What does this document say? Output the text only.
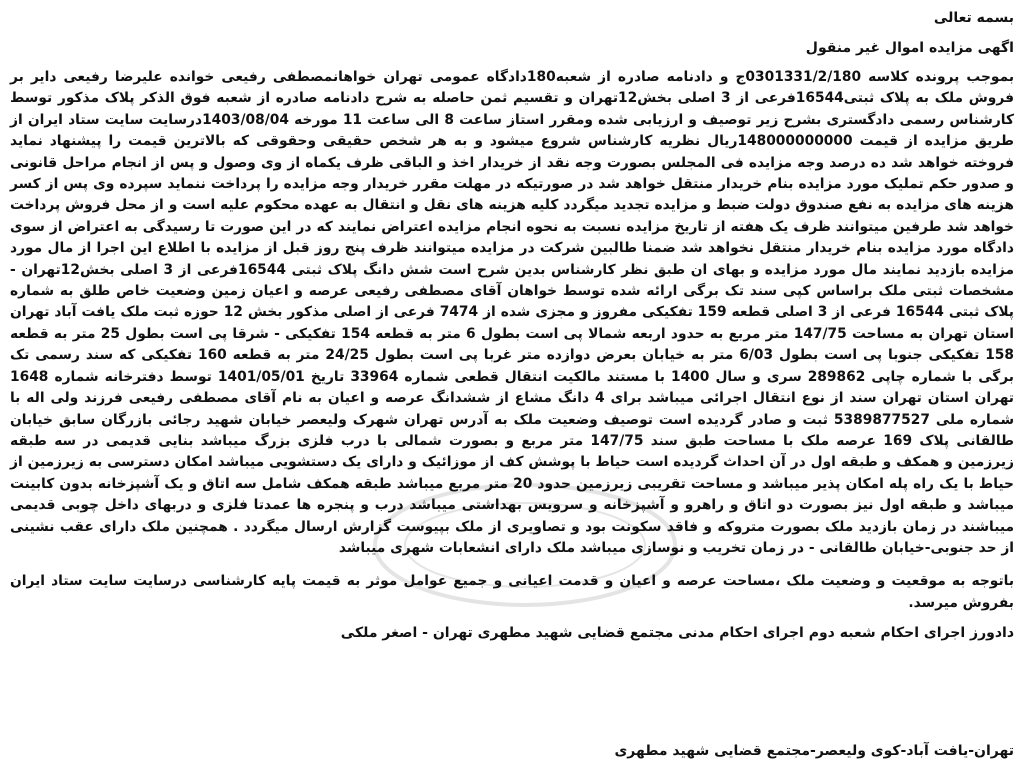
بسمه تعالی

اگهی مزایده اموال غیر منقول

بموجب پرونده کلاسه 0301331/2/180ج و دادنامه صادره از شعبه180دادگاه عمومی تهران خواهانمصطفی رفیعی خوانده علیرضا رفیعی دایر بر فروش ملک به پلاک ثبتی16544فرعی از 3 اصلی بخش12تهران و تقسیم ثمن حاصله به شرح دادنامه صادره از شعبه فوق الذکر پلاک مذکور توسط کارشناس رسمی دادگستری بشرح زیر توصیف و ارزیابی شده ومقرر استاز ساعت 8 الی ساعت 11 مورخه 1403/08/04درسایت سایت ستاد ایران از طریق مزایده از قیمت 148000000000ریال نظریه کارشناس شروع میشود و به هر شخص حقیقی وحقوقی که بالاترین قیمت را پیشنهاد نماید فروخته خواهد شد ده درصد وجه مزایده فی المجلس بصورت وجه نقد از خریدار اخذ و الباقی ظرف یکماه از وی وصول و پس از انجام مراحل قانونی و صدور حکم تملیک مورد مزایده بنام خریدار منتقل خواهد شد در صورتیکه در مهلت مقرر خریدار وجه مزایده را پرداخت ننماید سپرده وی پس از کسر هزینه های مزایده به نفع صندوق دولت ضبط و مزایده تجدید میگردد کلیه هزینه های نقل و انتقال به عهده محکوم علیه است و از محل فروش پرداخت خواهد شد طرفین میتوانند ظرف یک هفته از تاریخ مزایده نسبت به نحوه انجام مزایده اعتراض نمایند که در این صورت تا رسیدگی به اعتراض از سوی دادگاه مورد مزایده بنام خریدار منتقل نخواهد شد ضمنا طالبین شرکت در مزایده میتوانند ظرف پنج روز قبل از مزایده با اطلاع این اجرا از مال مورد مزایده بازدید نمایند مال مورد مزایده و بهای ان طبق نظر کارشناس بدین شرح است شش دانگ پلاک ثبتی 16544فرعی از 3 اصلی بخش12تهران - مشخصات ثبتی ملک براساس کپی سند تک برگی ارائه شده توسط خواهان آقای مصطفی رفیعی عرصه و اعیان زمین وضعیت خاص طلق به شماره پلاک ثبتی 16544 فرعی از 3 اصلی قطعه 159 تفکیکی مفروز و مجزی شده از 7474 فرعی از اصلی مذکور بخش 12 حوزه ثبت ملک یافت آباد تهران استان تهران به مساحت 147/75 متر مربع به حدود اربعه شمالا پی است بطول 6 متر به قطعه 154 تفکیکی - شرقا پی است بطول 25 متر به قطعه 158 تفکیکی جنوبا پی است بطول 6/03 متر به خیابان بعرض دوازده متر غربا پی است بطول 24/25 متر به قطعه 160 تفکیکی که سند رسمی تک برگی با شماره چاپی 289862 سری و سال 1400 با مستند مالکیت انتقال قطعی شماره 33964 تاریخ 1401/05/01 توسط دفترخانه شماره 1648 تهران استان تهران سند از نوع انتقال اجرائی میباشد برای 4 دانگ مشاع از ششدانگ عرصه و اعیان به نام آقای مصطفی رفیعی فرزند ولی اله با شماره ملی 5389877527 ثبت و صادر گردیده است توصیف وضعیت ملک به آدرس تهران شهرک ولیعصر خیابان شهید رجائی بازرگان سابق خیابان طالقانی پلاک 169 عرصه ملک با مساحت طبق سند 147/75 متر مربع و بصورت شمالی با درب فلزی بزرگ میباشد بنایی قدیمی در سه طبقه زیرزمین و همکف و طبقه اول در آن احداث گردیده است حیاط با پوشش کف از موزائیک و دارای یک دستشویی میباشد امکان دسترسی به زیرزمین از حیاط با یک راه پله امکان پذیر میباشد و مساحت تقریبی زیرزمین حدود 20 متر مربع میباشد طبقه همکف شامل سه اتاق و یک آشپزخانه بدون کابینت میباشد و طبقه اول نیز بصورت دو اتاق و راهرو و آشپزخانه و سرویس بهداشتی میباشد درب و پنجره ها عمدتا فلزی و دربهای داخل چوبی قدیمی میباشند در زمان بازدید ملک بصورت متروکه و فاقد سکونت بود و تصاویری از ملک بپیوست گزارش ارسال میگردد . همچنین ملک دارای عقب نشینی از حد جنوبی-خیابان طالقانی - در زمان تخریب و نوسازی میباشد ملک دارای انشعابات شهری میباشد

باتوجه به موقعیت و وضعیت ملک ،مساحت عرصه و اعیان و قدمت اعیانی و جمیع عوامل موثر به قیمت پایه کارشناسی درسایت سایت ستاد ایران بفروش میرسد.

دادورز اجرای احکام شعبه دوم اجرای احکام مدنی مجتمع قضایی شهید مطهری تهران - اصغر ملکی

تهران-یافت آباد-کوی ولیعصر-مجتمع قضایی شهید مطهری
